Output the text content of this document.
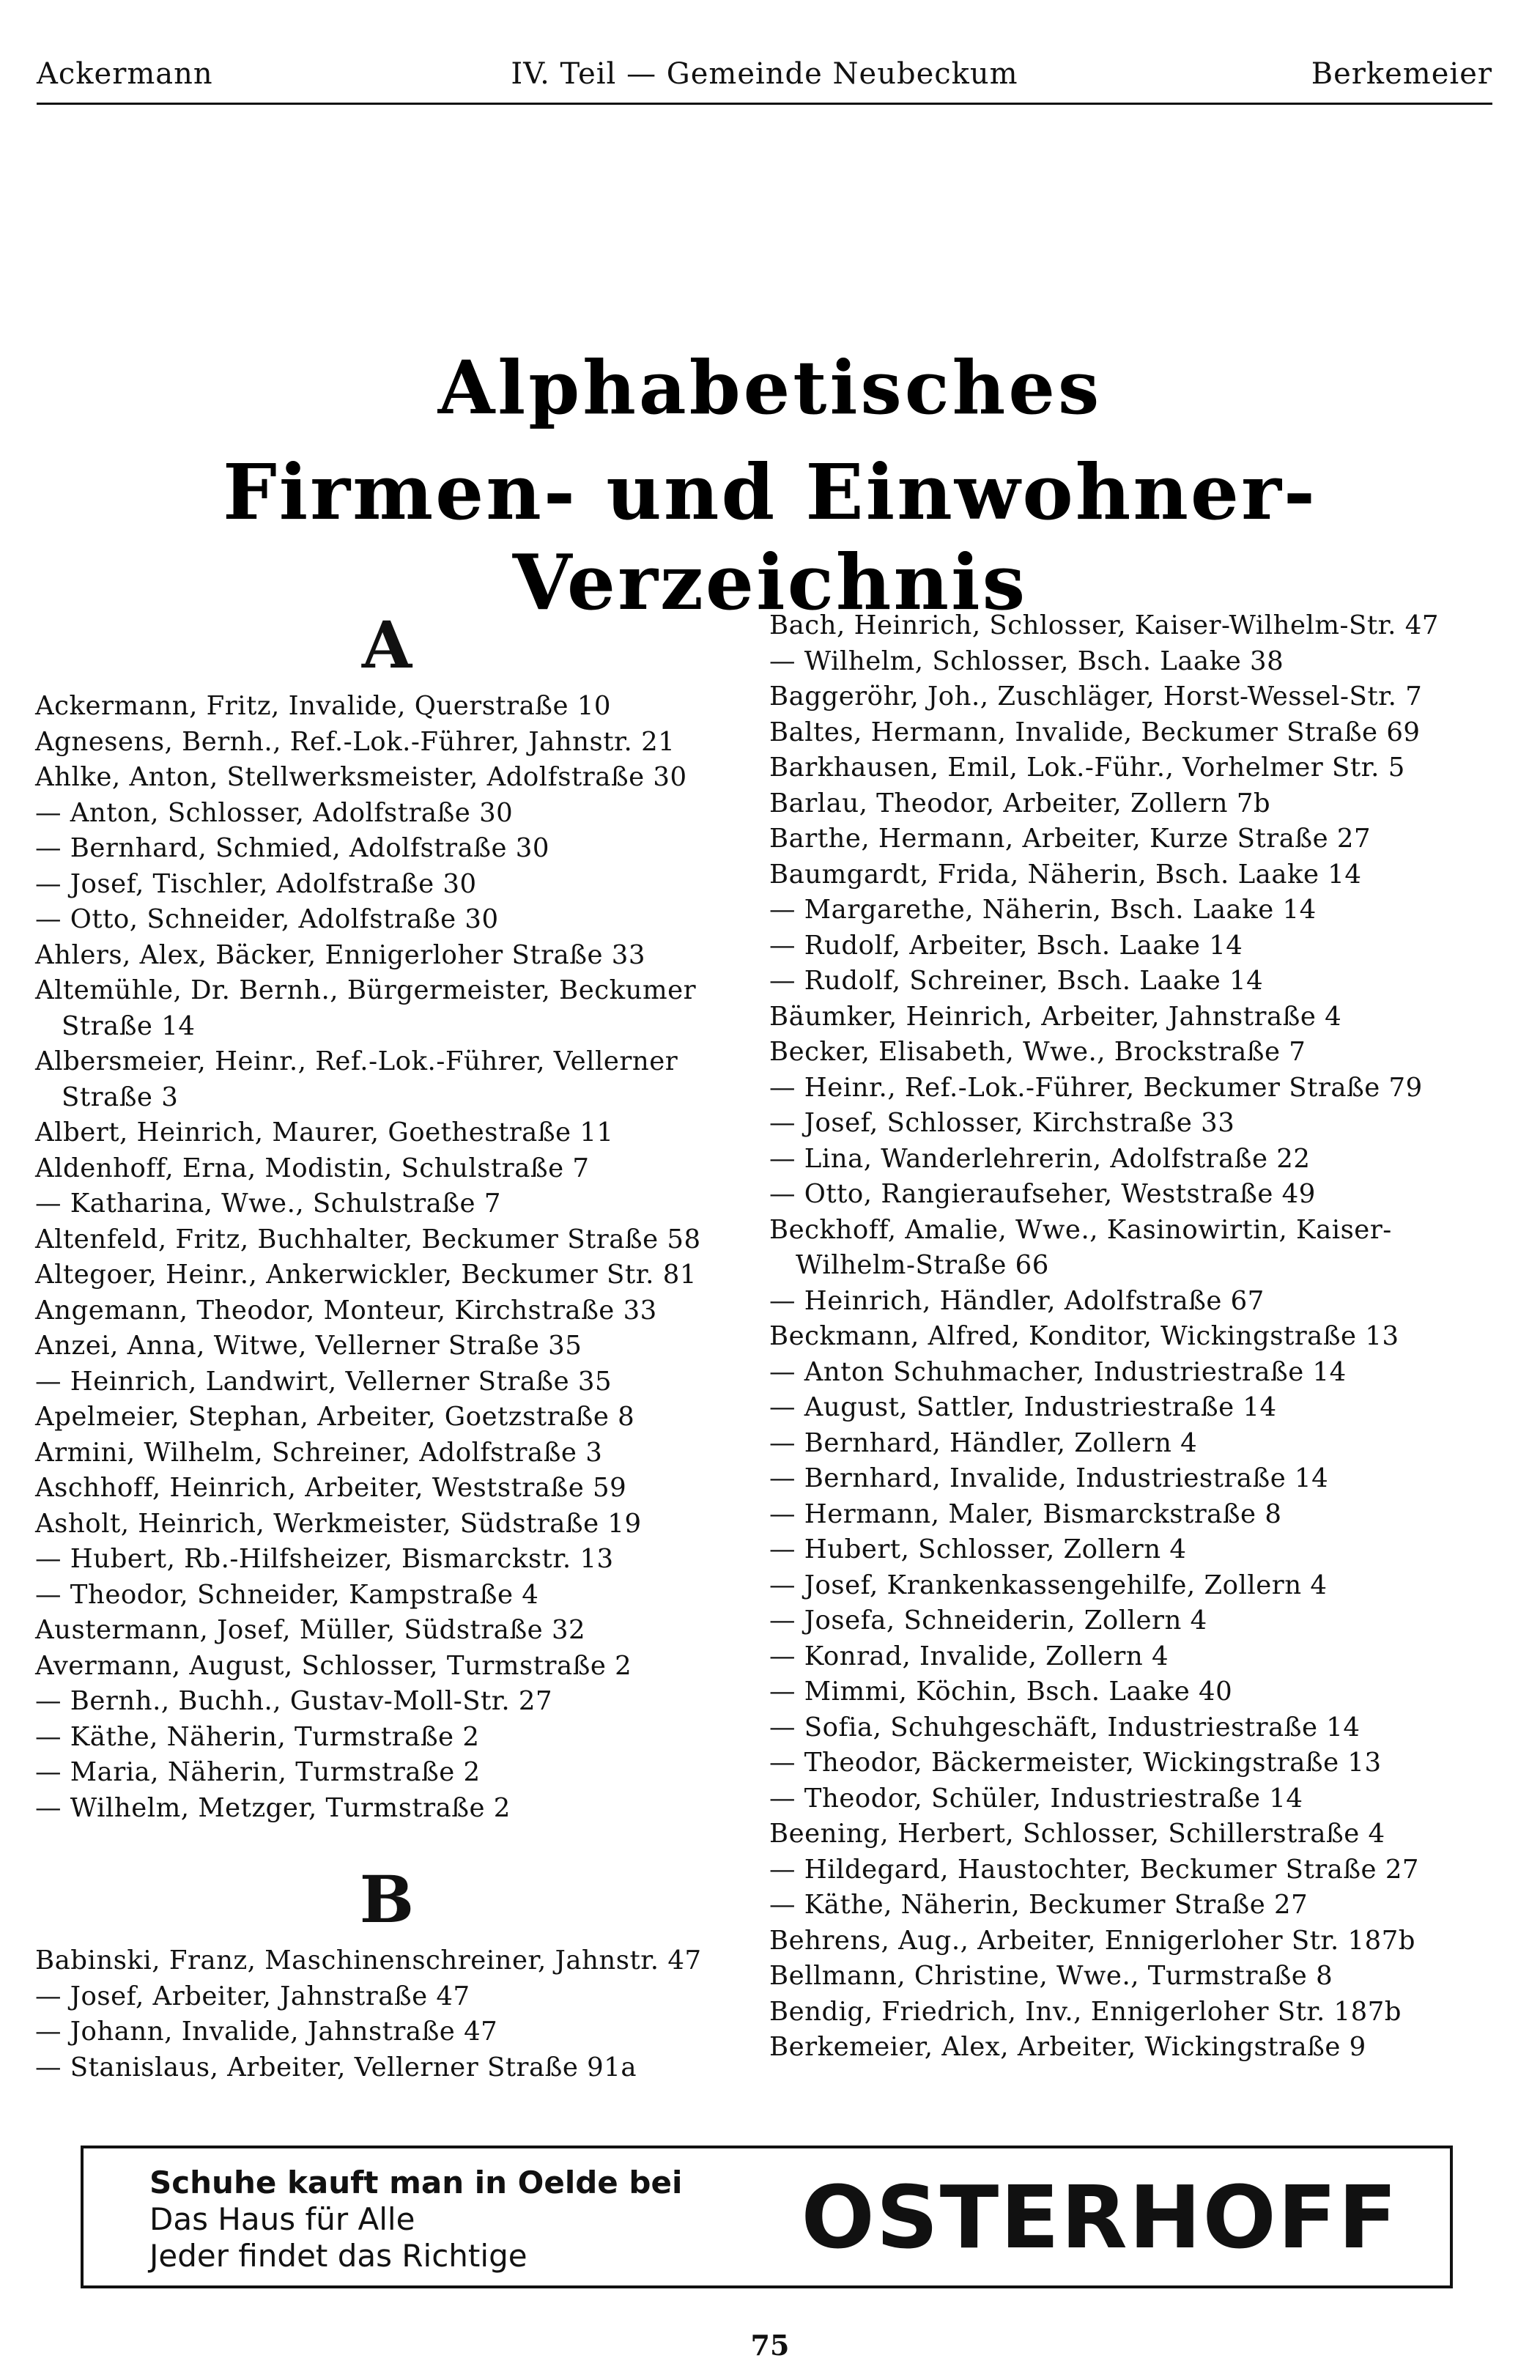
Ackermann	IV. Teil — Gemeinde Neubeckum	Berkemeier
Alphabetisches
Firmen- und Einwohner-Verzeichnis
A
Ackermann, Fritz, Invalide, Querstraße 10
Agnesens, Bernh., Ref.-Lok.-Führer, Jahnstr. 21
Ahlke, Anton, Stellwerksmeister, Adolfstraße 30
— Anton, Schlosser, Adolfstraße 30
— Bernhard, Schmied, Adolfstraße 30
— Josef, Tischler, Adolfstraße 30
— Otto, Schneider, Adolfstraße 30
Ahlers, Alex, Bäcker, Ennigerloher Straße 33
Altemühle, Dr. Bernh., Bürgermeister, Beckumer
Straße 14
Albersmeier, Heinr., Ref.-Lok.-Führer, Vellerner
Straße 3
Albert, Heinrich, Maurer, Goethestraße 11
Aldenhoff, Erna, Modistin, Schulstraße 7
— Katharina, Wwe., Schulstraße 7
Altenfeld, Fritz, Buchhalter, Beckumer Straße 58
Altegoer, Heinr., Ankerwickler, Beckumer Str. 81
Angemann, Theodor, Monteur, Kirchstraße 33
Anzei, Anna, Witwe, Vellerner Straße 35
— Heinrich, Landwirt, Vellerner Straße 35
Apelmeier, Stephan, Arbeiter, Goetzstraße 8
Armini, Wilhelm, Schreiner, Adolfstraße 3
Aschhoff, Heinrich, Arbeiter, Weststraße 59
Asholt, Heinrich, Werkmeister, Südstraße 19
— Hubert, Rb.-Hilfsheizer, Bismarckstr. 13
— Theodor, Schneider, Kampstraße 4
Austermann, Josef, Müller, Südstraße 32
Avermann, August, Schlosser, Turmstraße 2
— Bernh., Buchh., Gustav-Moll-Str. 27
— Käthe, Näherin, Turmstraße 2
— Maria, Näherin, Turmstraße 2
— Wilhelm, Metzger, Turmstraße 2
B
Babinski, Franz, Maschinenschreiner, Jahnstr. 47
— Josef, Arbeiter, Jahnstraße 47
— Johann, Invalide, Jahnstraße 47
— Stanislaus, Arbeiter, Vellerner Straße 91a
Bach, Heinrich, Schlosser, Kaiser-Wilhelm-Str. 47
— Wilhelm, Schlosser, Bsch. Laake 38
Baggeröhr, Joh., Zuschläger, Horst-Wessel-Str. 7
Baltes, Hermann, Invalide, Beckumer Straße 69
Barkhausen, Emil, Lok.-Führ., Vorhelmer Str. 5
Barlau, Theodor, Arbeiter, Zollern 7b
Barthe, Hermann, Arbeiter, Kurze Straße 27
Baumgardt, Frida, Näherin, Bsch. Laake 14
— Margarethe, Näherin, Bsch. Laake 14
— Rudolf, Arbeiter, Bsch. Laake 14
— Rudolf, Schreiner, Bsch. Laake 14
Bäumker, Heinrich, Arbeiter, Jahnstraße 4
Becker, Elisabeth, Wwe., Brockstraße 7
— Heinr., Ref.-Lok.-Führer, Beckumer Straße 79
— Josef, Schlosser, Kirchstraße 33
— Lina, Wanderlehrerin, Adolfstraße 22
— Otto, Rangieraufseher, Weststraße 49
Beckhoff, Amalie, Wwe., Kasinowirtin, Kaiser-
Wilhelm-Straße 66
— Heinrich, Händler, Adolfstraße 67
Beckmann, Alfred, Konditor, Wickingstraße 13
— Anton Schuhmacher, Industriestraße 14
— August, Sattler, Industriestraße 14
— Bernhard, Händler, Zollern 4
— Bernhard, Invalide, Industriestraße 14
— Hermann, Maler, Bismarckstraße 8
— Hubert, Schlosser, Zollern 4
— Josef, Krankenkassengehilfe, Zollern 4
— Josefa, Schneiderin, Zollern 4
— Konrad, Invalide, Zollern 4
— Mimmi, Köchin, Bsch. Laake 40
— Sofia, Schuhgeschäft, Industriestraße 14
— Theodor, Bäckermeister, Wickingstraße 13
— Theodor, Schüler, Industriestraße 14
Beening, Herbert, Schlosser, Schillerstraße 4
— Hildegard, Haustochter, Beckumer Straße 27
— Käthe, Näherin, Beckumer Straße 27
Behrens, Aug., Arbeiter, Ennigerloher Str. 187b
Bellmann, Christine, Wwe., Turmstraße 8
Bendig, Friedrich, Inv., Ennigerloher Str. 187b
Berkemeier, Alex, Arbeiter, Wickingstraße 9
Schuhe kauft man in Oelde bei
Das Haus für Alle
Jeder findet das Richtige	OSTERHOFF
75
